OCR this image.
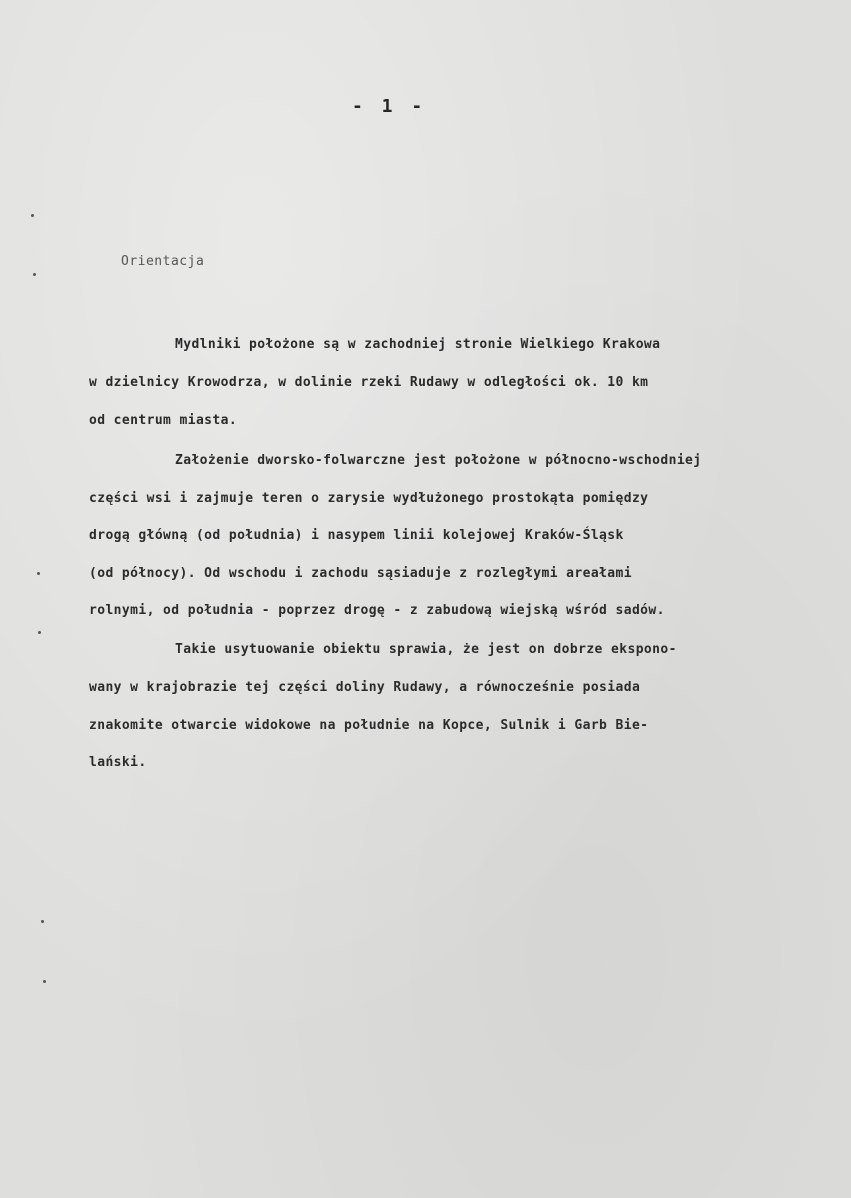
- 1 -
Orientacja
Mydlniki położone są w zachodniej stronie Wielkiego Krakowa
w dzielnicy Krowodrza, w dolinie rzeki Rudawy w odległości ok. 10 km
od centrum miasta.
Założenie dworsko-folwarczne jest położone w północno-wschodniej
części wsi i zajmuje teren o zarysie wydłużonego prostokąta pomiędzy
drogą główną (od południa) i nasypem linii kolejowej Kraków-Śląsk
(od północy). Od wschodu i zachodu sąsiaduje z rozległymi areałami
rolnymi, od południa - poprzez drogę - z zabudową wiejską wśród sadów.
Takie usytuowanie obiektu sprawia, że jest on dobrze ekspono-
wany w krajobrazie tej części doliny Rudawy, a równocześnie posiada
znakomite otwarcie widokowe na południe na Kopce, Sulnik i Garb Bie-
lański.
